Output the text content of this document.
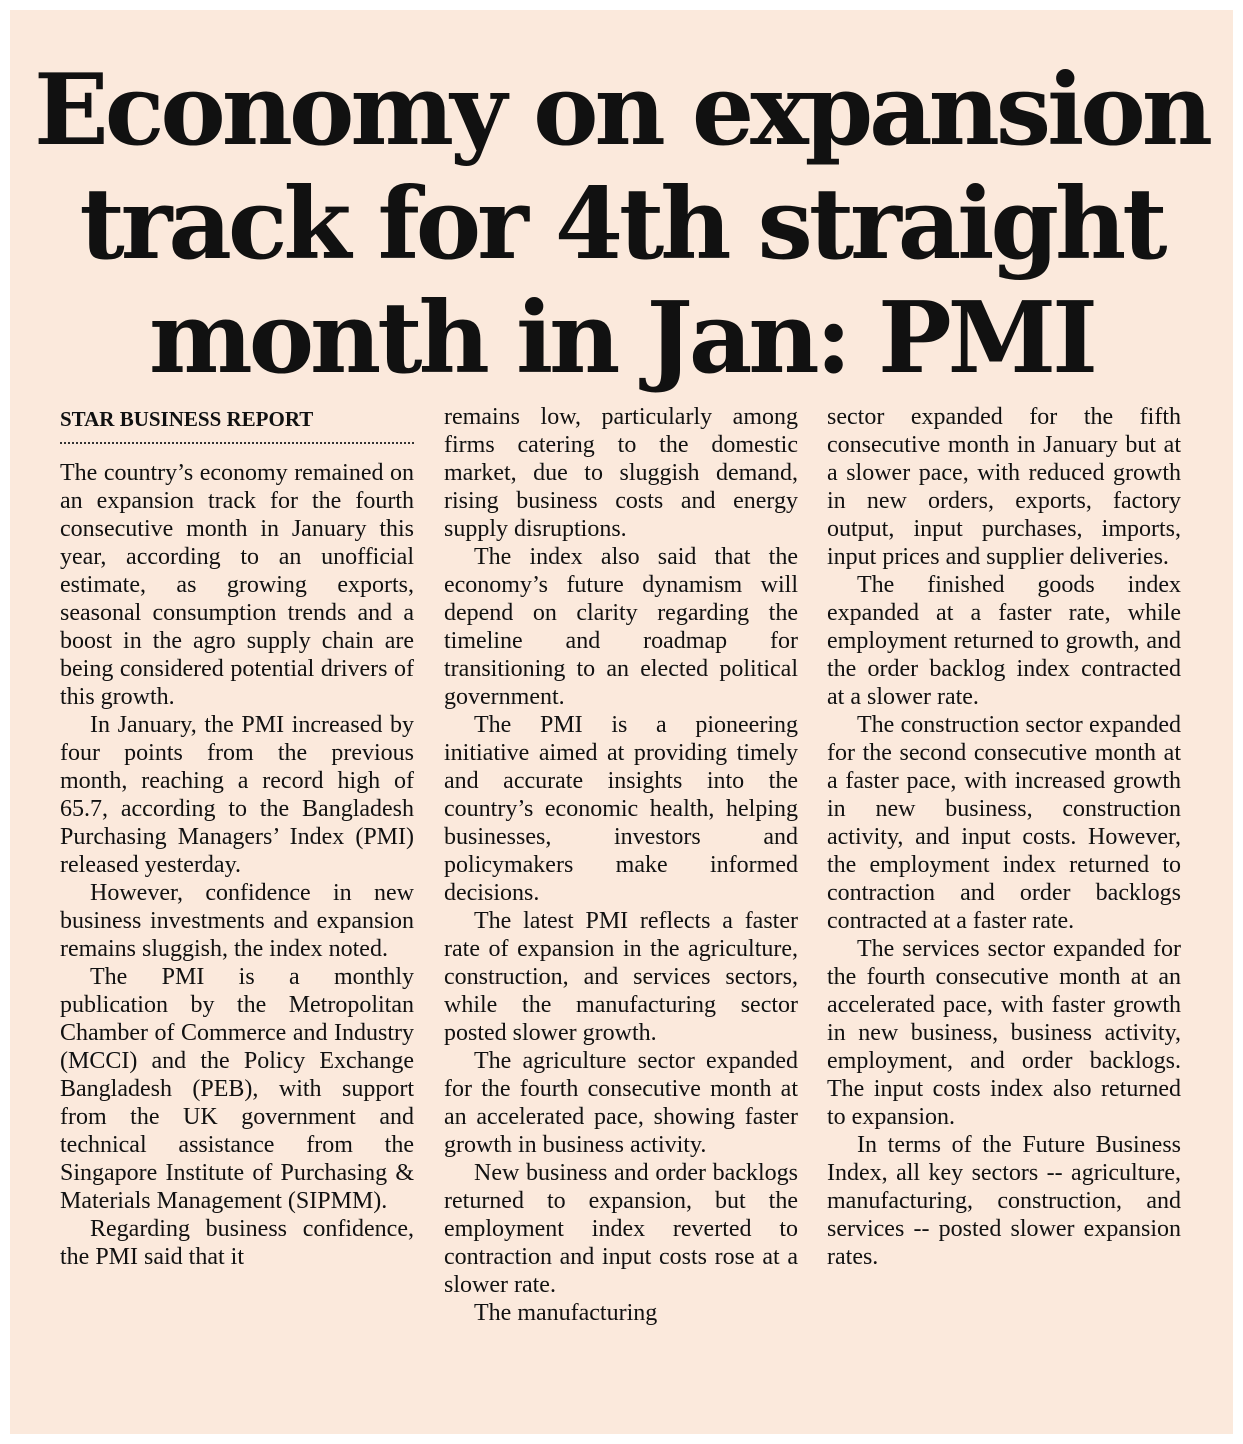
Economy on expansion
track for 4th straight
month in Jan: PMI
STAR BUSINESS REPORT

The country’s economy remained on an expansion track for the fourth consecutive month in January this year, according to an unofficial estimate, as growing exports, seasonal consumption trends and a boost in the agro supply chain are being considered potential drivers of this growth.

In January, the PMI increased by four points from the previous month, reaching a record high of 65.7, according to the Bangladesh Purchasing Managers’ Index (PMI) released yesterday.

However, confidence in new business investments and expansion remains sluggish, the index noted.

The PMI is a monthly publication by the Metropolitan Chamber of Commerce and Industry (MCCI) and the Policy Exchange Bangladesh (PEB), with support from the UK government and technical assistance from the Singapore Institute of Purchasing & Materials Management (SIPMM).

Regarding business confidence, the PMI said that it

remains low, particularly among firms catering to the domestic market, due to sluggish demand, rising business costs and energy supply disruptions.

The index also said that the economy’s future dynamism will depend on clarity regarding the timeline and roadmap for transitioning to an elected political government.

The PMI is a pioneering initiative aimed at providing timely and accurate insights into the country’s economic health, helping businesses, investors and policymakers make informed decisions.

The latest PMI reflects a faster rate of expansion in the agriculture, construction, and services sectors, while the manufacturing sector posted slower growth.

The agriculture sector expanded for the fourth consecutive month at an accelerated pace, showing faster growth in business activity.

New business and order backlogs returned to expansion, but the employment index reverted to contraction and input costs rose at a slower rate.

The manufacturing

sector expanded for the fifth consecutive month in January but at a slower pace, with reduced growth in new orders, exports, factory output, input purchases, imports, input prices and supplier deliveries.

The finished goods index expanded at a faster rate, while employment returned to growth, and the order backlog index contracted at a slower rate.

The construction sector expanded for the second consecutive month at a faster pace, with increased growth in new business, construction activity, and input costs. However, the employment index returned to contraction and order backlogs contracted at a faster rate.

The services sector expanded for the fourth consecutive month at an accelerated pace, with faster growth in new business, business activity, employment, and order backlogs. The input costs index also returned to expansion.

In terms of the Future Business Index, all key sectors -- agriculture, manufacturing, construction, and services -- posted slower expansion rates.
